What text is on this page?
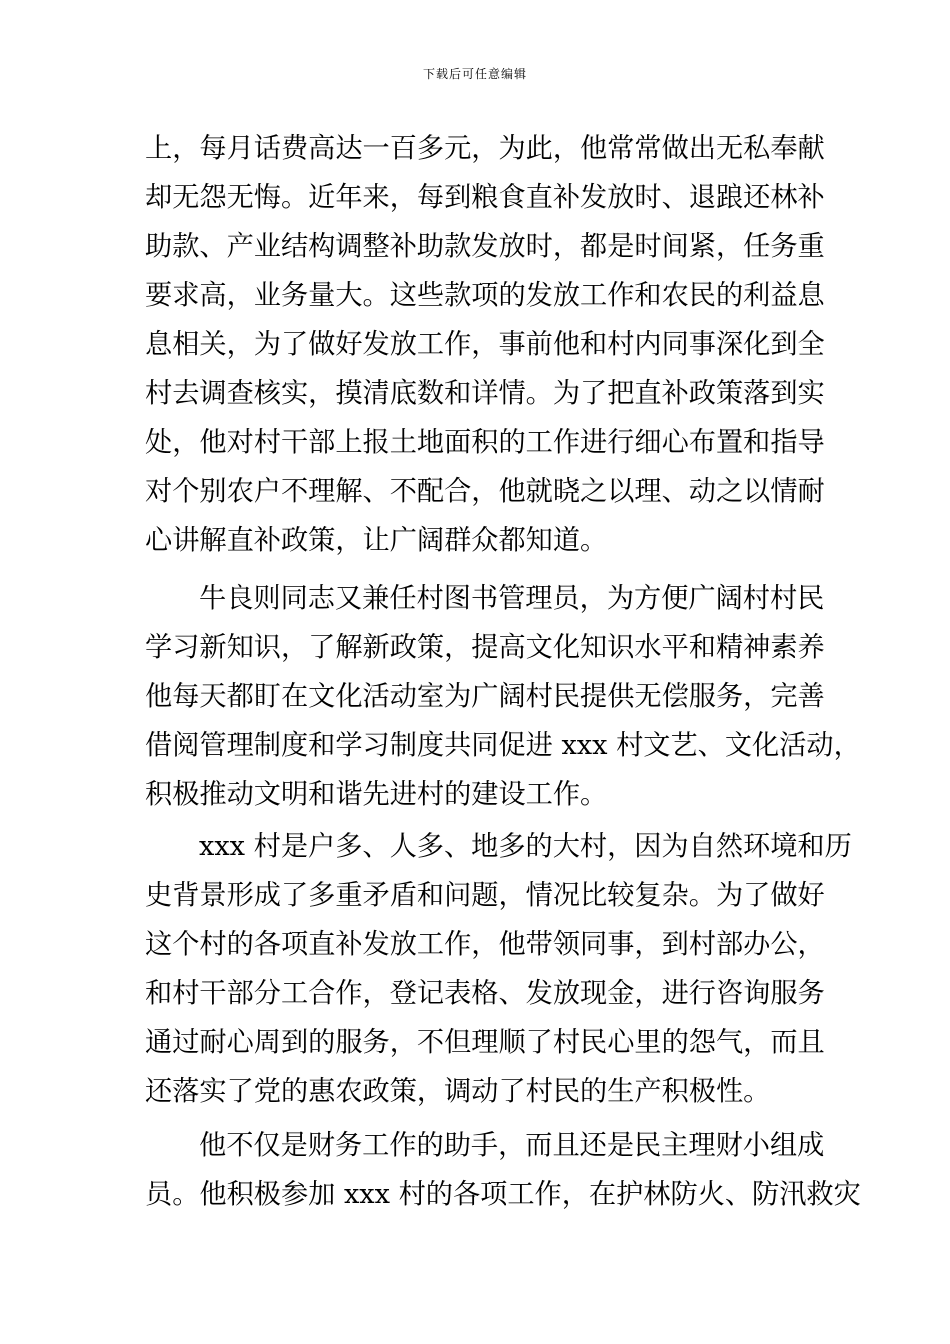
下载后可任意编辑
上，每月话费高达一百多元，为此，他常常做出无私奉献
却无怨无悔。近年来，每到粮食直补发放时、退踉还林补
助款、产业结构调整补助款发放时，都是时间紧，任务重
要求高，业务量大。这些款项的发放工作和农民的利益息
息相关，为了做好发放工作，事前他和村内同事深化到全
村去调查核实，摸清底数和详情。为了把直补政策落到实
处，他对村干部上报土地面积的工作进行细心布置和指导
对个别农户不理解、不配合，他就晓之以理、动之以情耐
心讲解直补政策，让广阔群众都知道。
牛良则同志又兼任村图书管理员，为方便广阔村村民
学习新知识，了解新政策，提高文化知识水平和精神素养
他每天都盯在文化活动室为广阔村民提供无偿服务，完善
借阅管理制度和学习制度共同促进 xxx 村文艺、文化活动，
积极推动文明和谐先进村的建设工作。
xxx 村是户多、人多、地多的大村，因为自然环境和历
史背景形成了多重矛盾和问题，情况比较复杂。为了做好
这个村的各项直补发放工作，他带领同事，到村部办公，
和村干部分工合作，登记表格、发放现金，进行咨询服务
通过耐心周到的服务，不但理顺了村民心里的怨气，而且
还落实了党的惠农政策，调动了村民的生产积极性。
他不仅是财务工作的助手，而且还是民主理财小组成
员。他积极参加 xxx 村的各项工作，在护林防火、防汛救灾
